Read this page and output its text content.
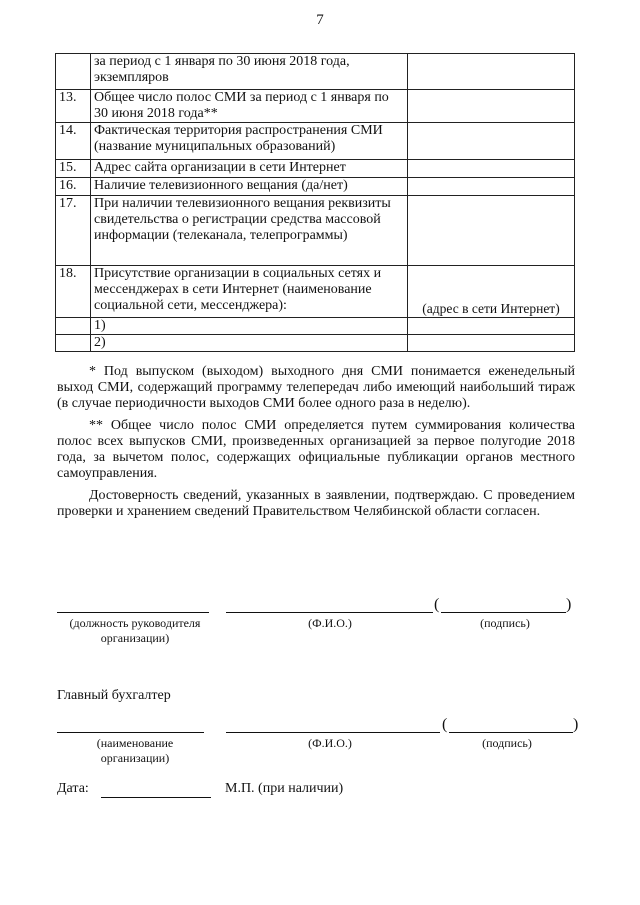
7
	за период с 1 января по 30 июня 2018 года, экземпляров	
13.	Общее число полос СМИ за период с 1 января по 30 июня 2018 года**	
14.	Фактическая территория распространения СМИ (название муниципальных образований)	
15.	Адрес сайта организации в сети Интернет	
16.	Наличие телевизионного вещания (да/нет)	
17.	При наличии телевизионного вещания реквизиты свидетельства о регистрации средства массовой информации (телеканала, телепрограммы)	
18.	Присутствие организации в социальных сетях и мессенджерах в сети Интернет (наименование социальной сети, мессенджера):	(адрес в сети Интернет)
	1)	
	2)	

* Под выпуском (выходом) выходного дня СМИ понимается еженедельный выход СМИ, содержащий программу телепередач либо имеющий наибольший тираж (в случае периодичности выходов СМИ более одного раза в неделю).

** Общее число полос СМИ определяется путем суммирования количества полос всех выпусков СМИ, произведенных организацией за первое полугодие 2018 года, за вычетом полос, содержащих официальные публикации органов местного самоуправления.

Достоверность сведений, указанных в заявлении, подтверждаю. С проведением проверки и хранением сведений Правительством Челябинской области согласен.

(	)
(должность руководителя организации)
(Ф.И.О.)	(подпись)
Главный бухгалтер
(	)
(наименование организации)
(Ф.И.О.)	(подпись)
Дата:	М.П. (при наличии)
